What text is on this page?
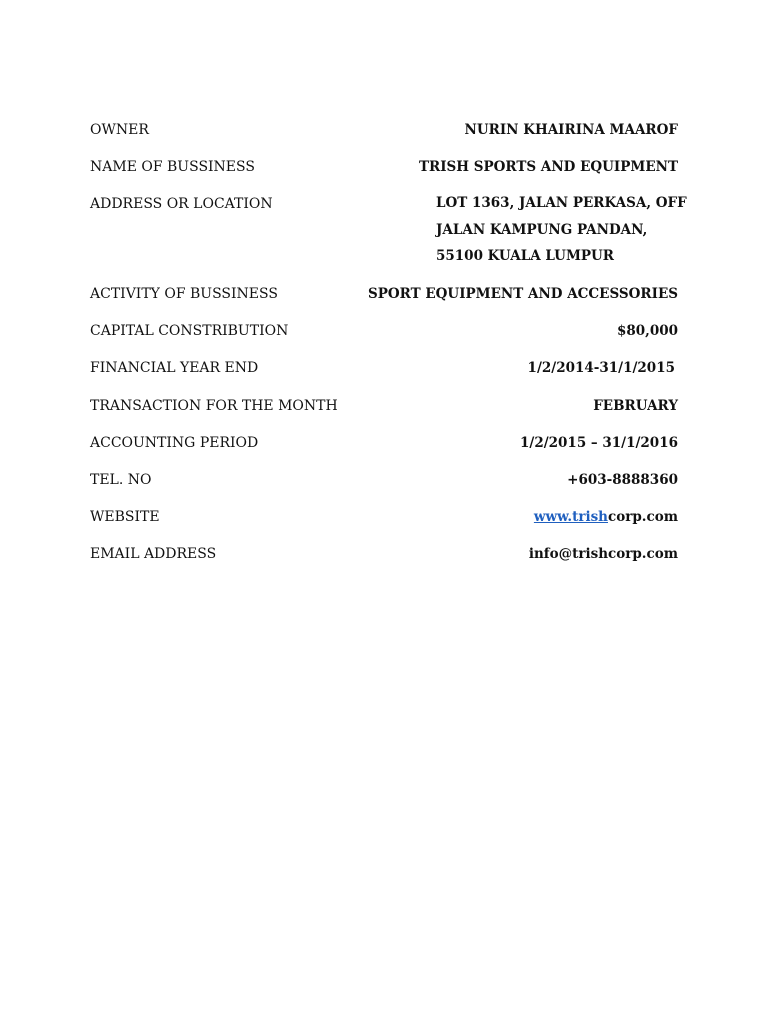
OWNER	NURIN KHAIRINA MAAROF
NAME OF BUSSINESS	TRISH SPORTS AND EQUIPMENT
ADDRESS OR LOCATION	LOT 1363, JALAN PERKASA, OFF
JALAN KAMPUNG PANDAN,
55100 KUALA LUMPUR
ACTIVITY OF BUSSINESS	SPORT EQUIPMENT AND ACCESSORIES
CAPITAL CONSTRIBUTION	$80,000
FINANCIAL YEAR END	1/2/2014-31/1/2015
TRANSACTION FOR THE MONTH	FEBRUARY
ACCOUNTING PERIOD	1/2/2015 – 31/1/2016
TEL. NO	+603-8888360
WEBSITE	www.trishcorp.com
EMAIL ADDRESS	info@trishcorp.com
